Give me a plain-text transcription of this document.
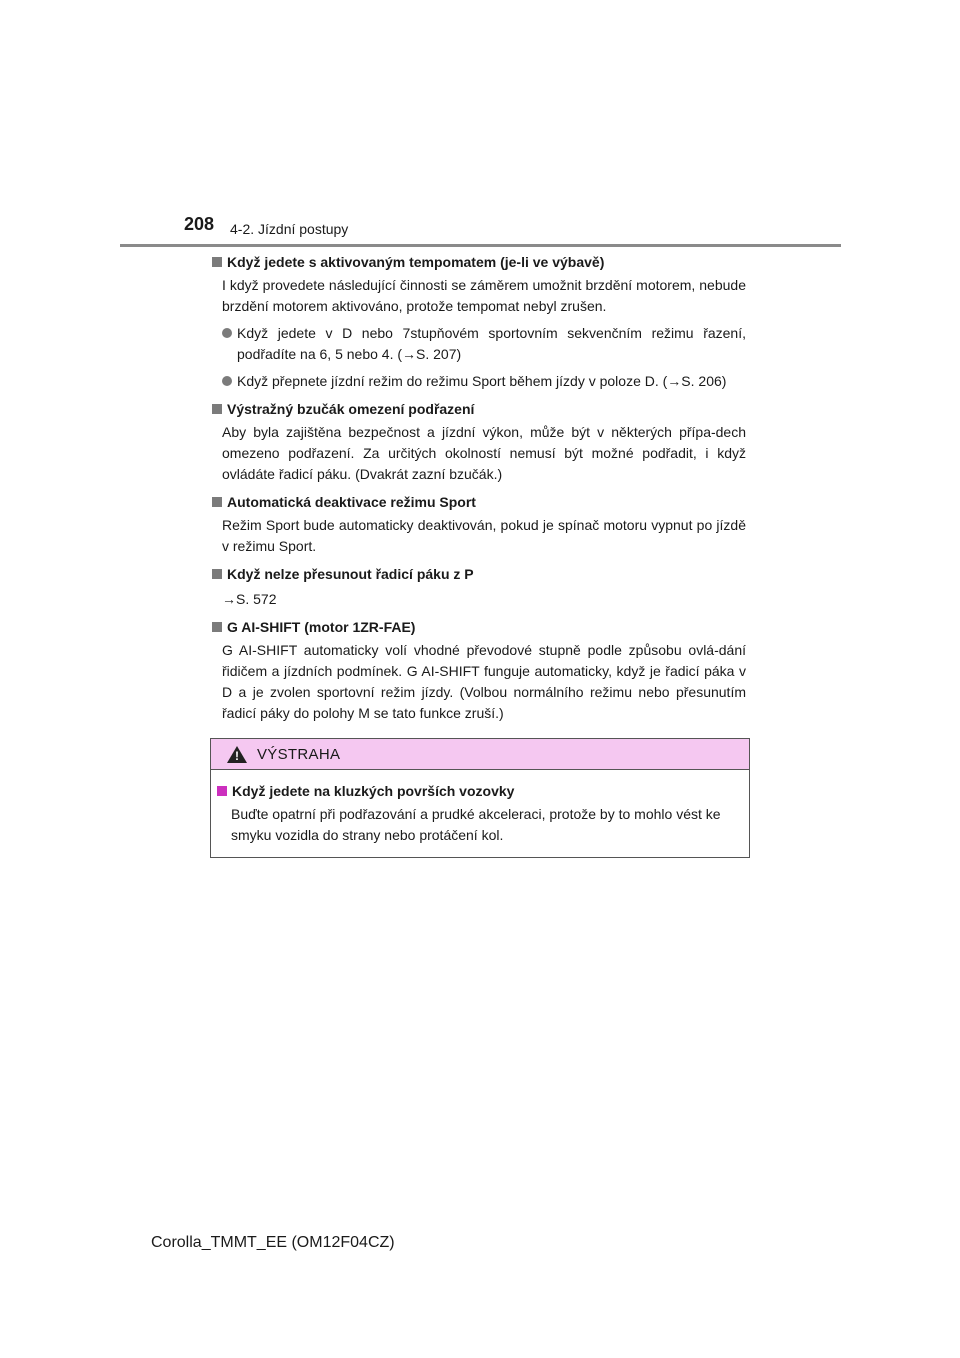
208 4-2. Jízdní postupy
Když jedete s aktivovaným tempomatem (je-li ve výbavě)
I když provedete následující činnosti se záměrem umožnit brzdění motorem, nebude brzdění motorem aktivováno, protože tempomat nebyl zrušen.
Když jedete v D nebo 7stupňovém sportovním sekvenčním režimu řazení, podřadíte na 6, 5 nebo 4. (→S. 207)
Když přepnete jízdní režim do režimu Sport během jízdy v poloze D. (→S. 206)
Výstražný bzučák omezení podřazení
Aby byla zajištěna bezpečnost a jízdní výkon, může být v některých přípa-dech omezeno podřazení. Za určitých okolností nemusí být možné podřadit, i když ovládáte řadicí páku. (Dvakrát zazní bzučák.)
Automatická deaktivace režimu Sport
Režim Sport bude automaticky deaktivován, pokud je spínač motoru vypnut po jízdě v režimu Sport.
Když nelze přesunout řadicí páku z P
→S. 572
G AI-SHIFT (motor 1ZR-FAE)
G AI-SHIFT automaticky volí vhodné převodové stupně podle způsobu ovlá-dání řidičem a jízdních podmínek. G AI-SHIFT funguje automaticky, když je řadicí páka v D a je zvolen sportovní režim jízdy. (Volbou normálního režimu nebo přesunutím řadicí páky do polohy M se tato funkce zruší.)
! VÝSTRAHA
Když jedete na kluzkých površích vozovky
Buďte opatrní při podřazování a prudké akceleraci, protože by to mohlo vést ke smyku vozidla do strany nebo protáčení kol.
Corolla_TMMT_EE (OM12F04CZ)
